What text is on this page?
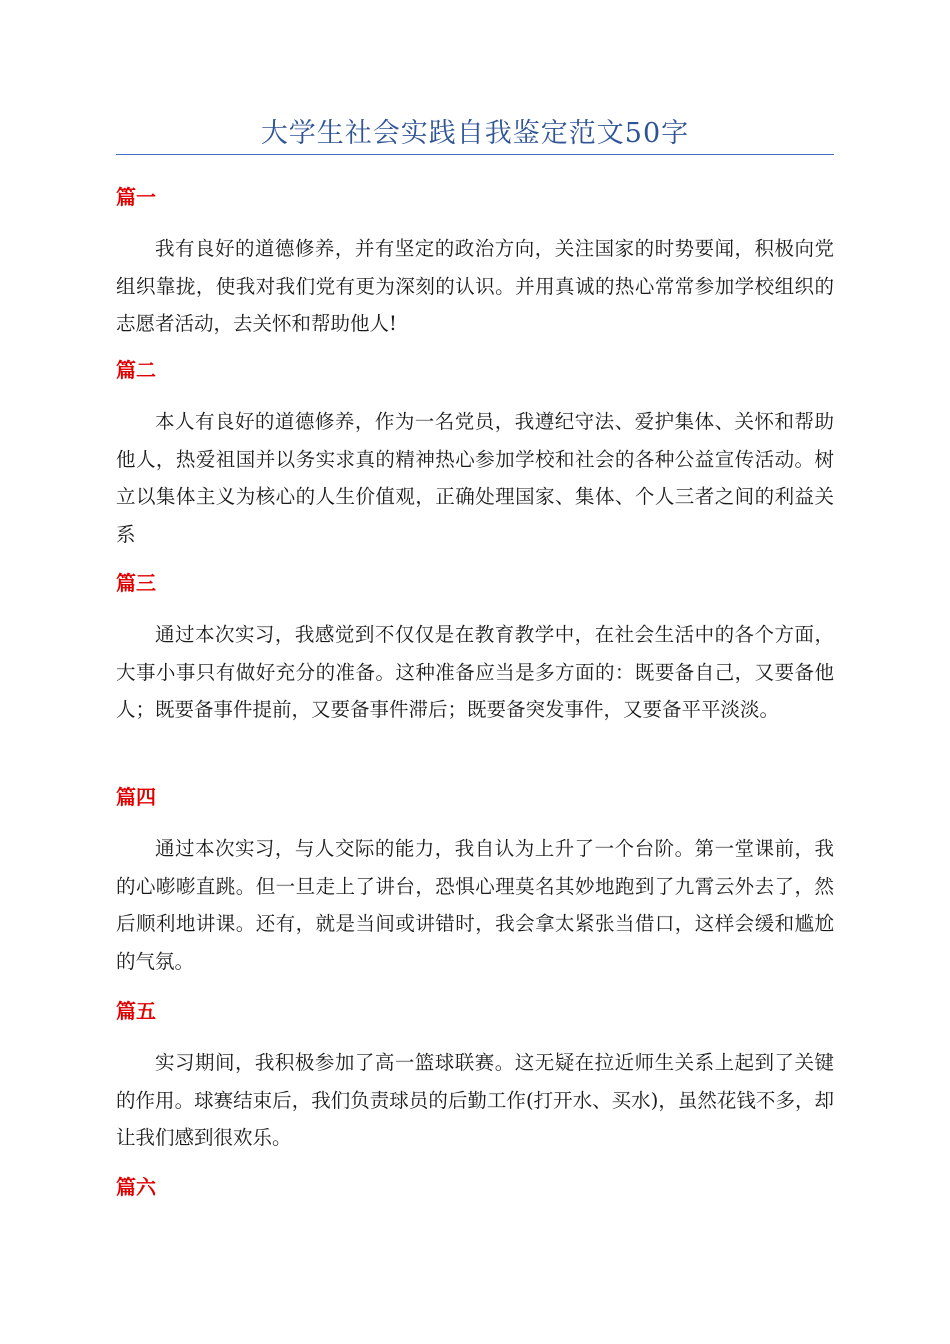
大学生社会实践自我鉴定范文50字
篇一

我有良好的道德修养，并有坚定的政治方向，关注国家的时势要闻，积极向党组织靠拢，使我对我们党有更为深刻的认识。并用真诚的热心常常参加学校组织的志愿者活动，去关怀和帮助他人!

篇二

本人有良好的道德修养，作为一名党员，我遵纪守法、爱护集体、关怀和帮助他人，热爱祖国并以务实求真的精神热心参加学校和社会的各种公益宣传活动。树立以集体主义为核心的人生价值观，正确处理国家、集体、个人三者之间的利益关系

篇三

通过本次实习，我感觉到不仅仅是在教育教学中，在社会生活中的各个方面，大事小事只有做好充分的准备。这种准备应当是多方面的：既要备自己，又要备他人；既要备事件提前，又要备事件滞后；既要备突发事件，又要备平平淡淡。

篇四

通过本次实习，与人交际的能力，我自认为上升了一个台阶。第一堂课前，我的心嘭嘭直跳。但一旦走上了讲台，恐惧心理莫名其妙地跑到了九霄云外去了，然后顺利地讲课。还有，就是当间或讲错时，我会拿太紧张当借口，这样会缓和尴尬的气氛。

篇五

实习期间，我积极参加了高一篮球联赛。这无疑在拉近师生关系上起到了关键的作用。球赛结束后，我们负责球员的后勤工作(打开水、买水)，虽然花钱不多，却让我们感到很欢乐。

篇六
